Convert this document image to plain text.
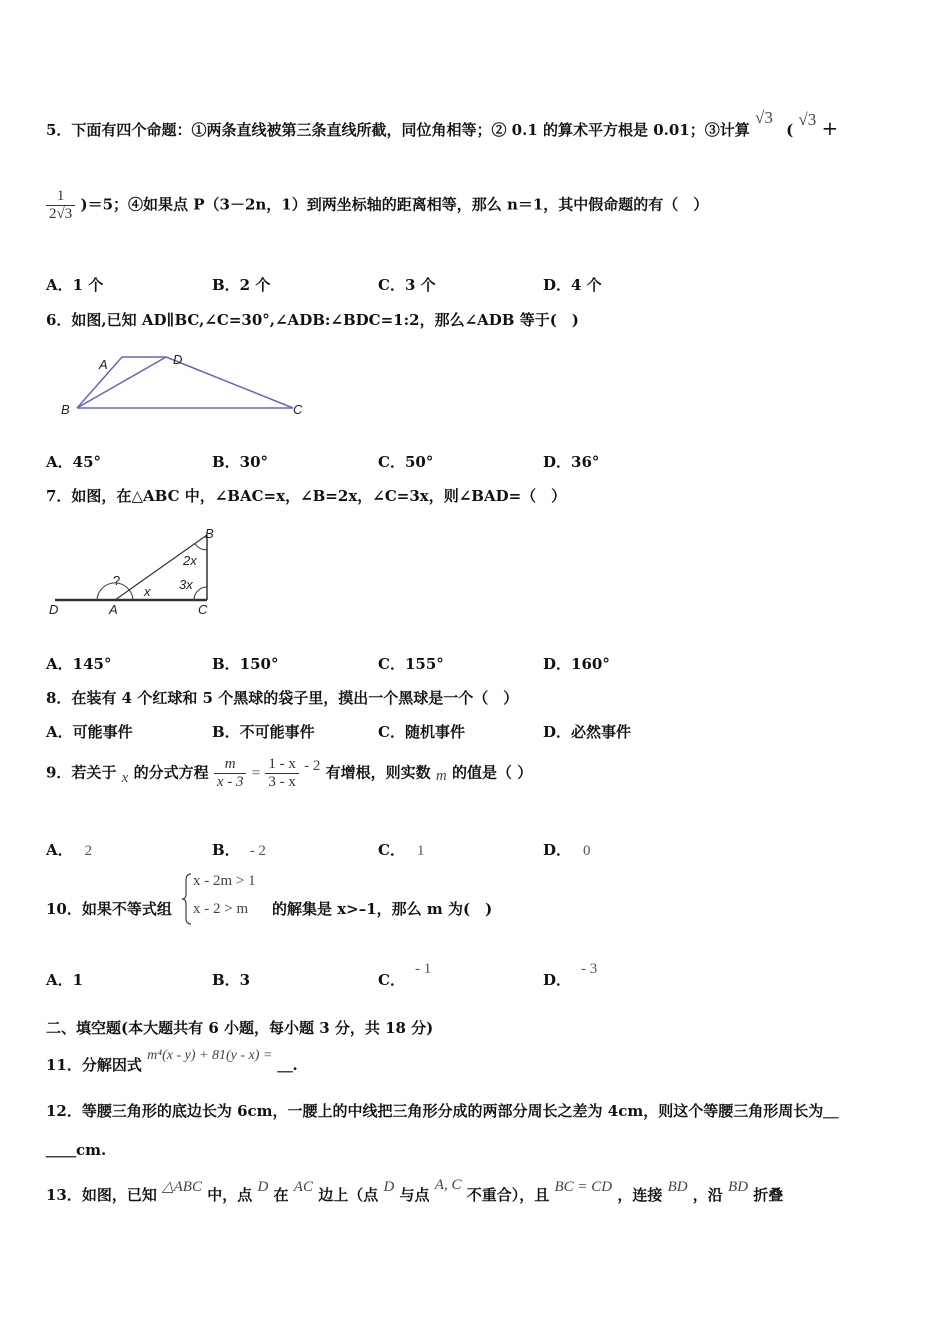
5．下面有四个命题：①两条直线被第三条直线所截，同位角相等；② 0.1 的算术平方根是 0.01；③计算 √3 ( √3 +
$\frac{1}{2√3} )=5$；④如果点 P（3－2n，1）到两坐标轴的距离相等，那么 n＝1，其中假命题的有（　）
A．1 个	B．2 个	C．3 个	D．4 个
6．如图,已知 AD∥BC,∠C=30°,∠ADB:∠BDC=1:2，那么∠ADB 等于(　)
A	D
B	C
A．45°	B．30°	C．50°	D．36°
7．如图，在△ABC 中，∠BAC=x，∠B=2x，∠C=3x，则∠BAD=（　）
B
2x
3x
?
x
D	A	C
A．145°	B．150°	C．155°	D．160°
8．在装有 4 个红球和 5 个黑球的袋子里，摸出一个黑球是一个（　）
A．可能事件	B．不可能事件	C．随机事件	D．必然事件
9．若关于 x 的分式方程 $\frac{m}{x - 3} = \frac{1 - x}{3 - x} - 2$ 有增根，则实数 m 的值是（ ）
A． 2	B． - 2	C． 1	D． 0
10．如果不等式组
x - 2m > 1
x - 2 > m 的解集是 x>–1，那么 m 为(　)
A．1	B．3	C．- 1
D．- 3
二、填空题(本大题共有 6 小题，每小题 3 分，共 18 分)
11．分解因式 m⁴(x - y) + 81(y - x) = ＿.
12．等腰三角形的底边长为 6cm，一腰上的中线把三角形分成的两部分周长之差为 4cm，则这个等腰三角形周长为＿
＿＿cm.
13．如图，已知 △ABC 中，点 D 在 AC 边上（点 D 与点 A, C 不重合），且 BC = CD ，连接 BD ，沿 BD 折叠
